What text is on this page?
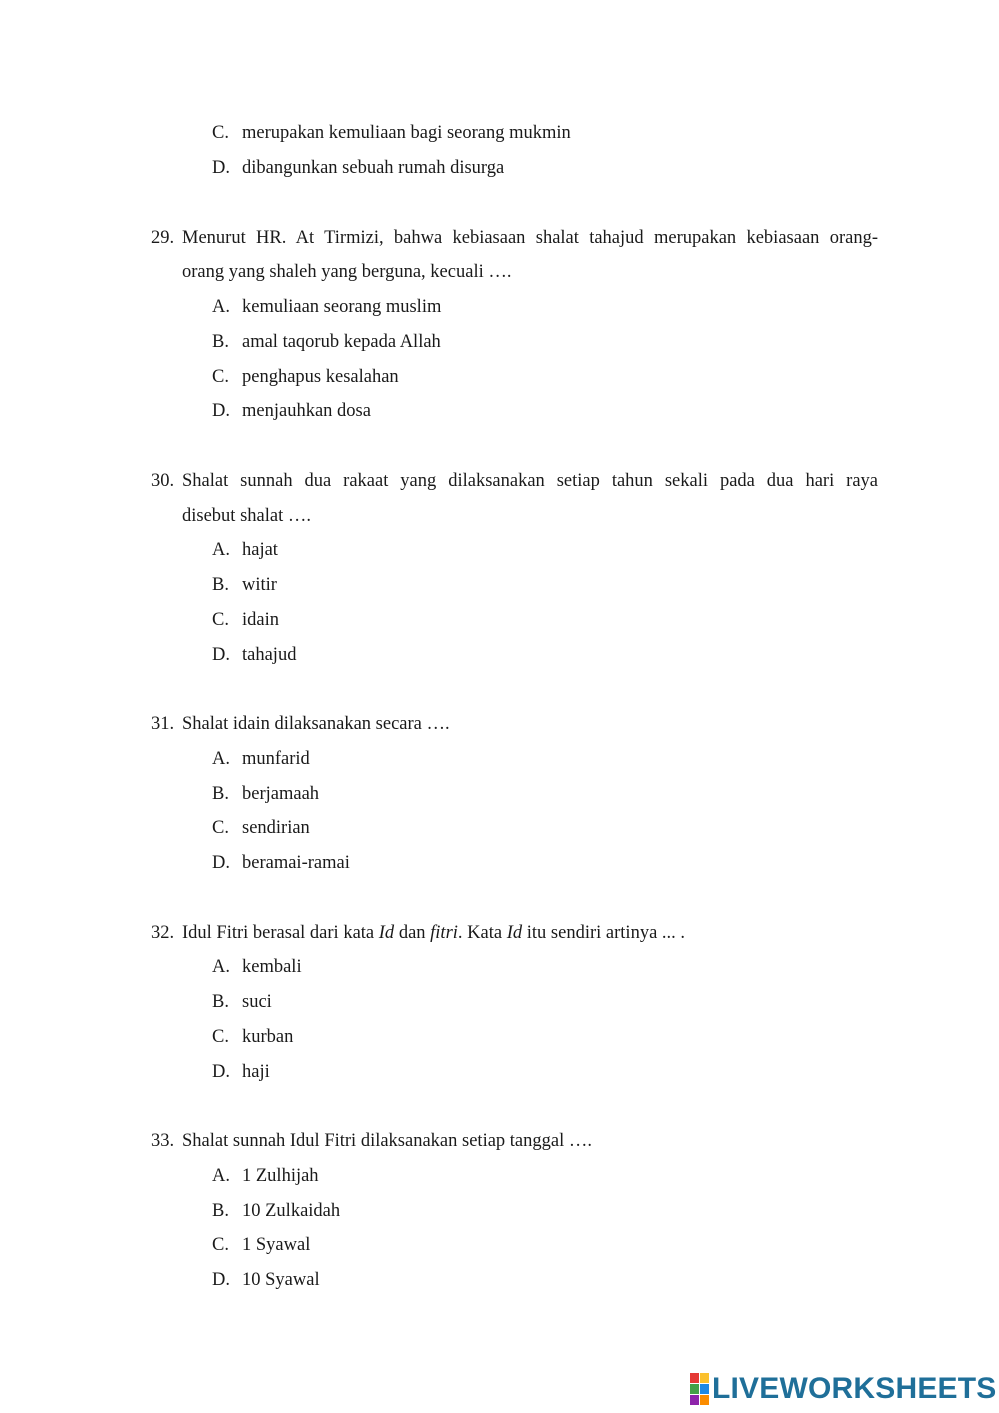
C. merupakan kemuliaan bagi seorang mukmin
D. dibangunkan sebuah rumah disurga
29. Menurut HR. At Tirmizi, bahwa kebiasaan shalat tahajud merupakan kebiasaan orang-
orang yang shaleh yang berguna, kecuali ….
A. kemuliaan seorang muslim
B. amal taqorub kepada Allah
C. penghapus kesalahan
D. menjauhkan dosa
30. Shalat sunnah dua rakaat yang dilaksanakan setiap tahun sekali pada dua hari raya
disebut shalat ….
A. hajat
B. witir
C. idain
D. tahajud
31. Shalat idain dilaksanakan secara ….
A. munfarid
B. berjamaah
C. sendirian
D. beramai-ramai
32. Idul Fitri berasal dari kata Id dan fitri. Kata Id itu sendiri artinya ... .
A. kembali
B. suci
C. kurban
D. haji
33. Shalat sunnah Idul Fitri dilaksanakan setiap tanggal ….
A. 1 Zulhijah
B. 10 Zulkaidah
C. 1 Syawal
D. 10 Syawal
LIVEWORKSHEETS
